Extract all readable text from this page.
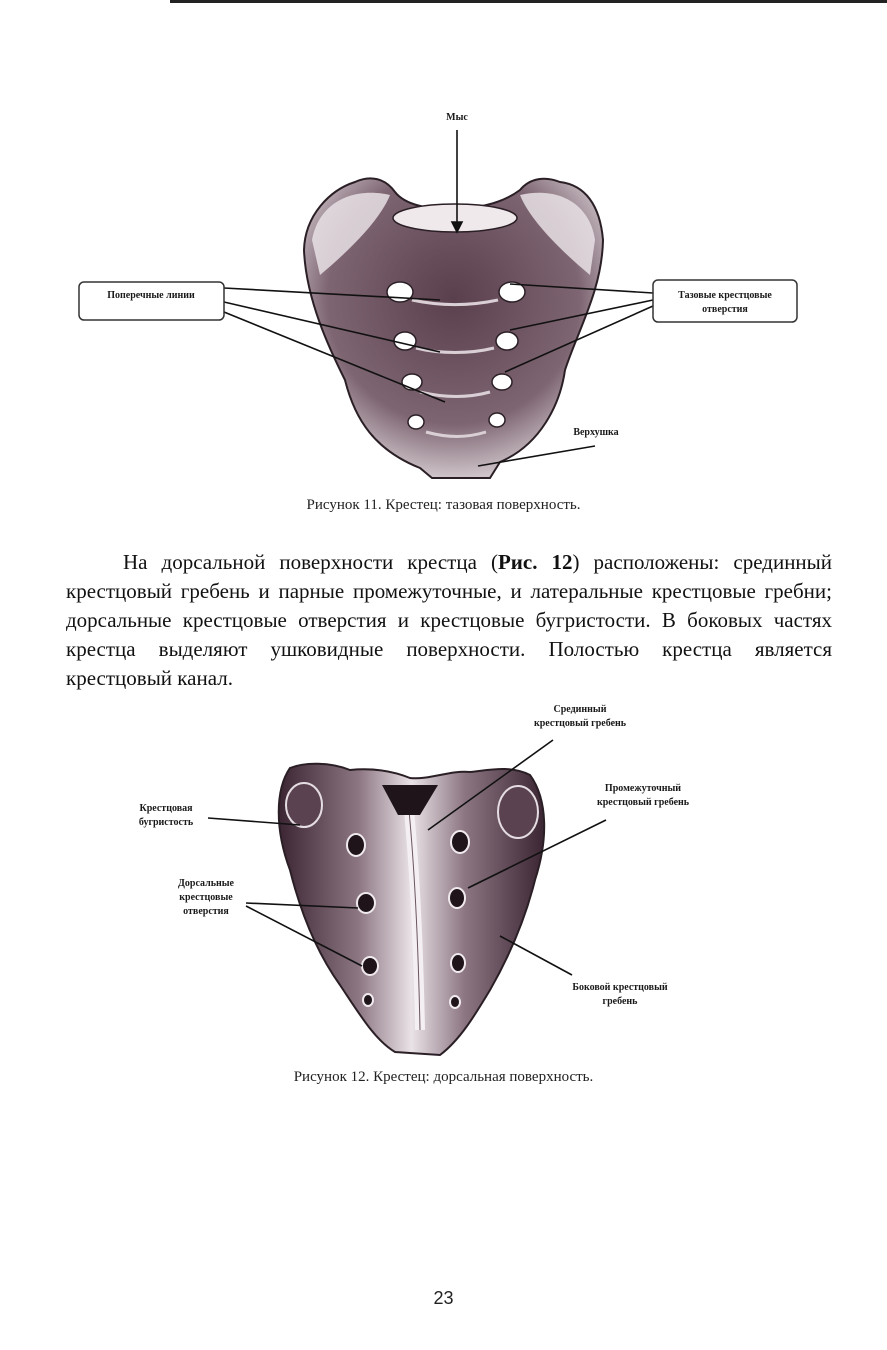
Мыс
Поперечные линии	Тазовые крестцовые
отверстия
Верхушка
Рисунок 11. Крестец: тазовая поверхность.

На дорсальной поверхности крестца (Рис. 12) расположены: срединный крестцовый гребень и парные промежуточные, и латеральные крестцовые гребни; дорсальные крестцовые отверстия и крестцовые бугристости. В боковых частях крестца выделяют ушковидные поверхности. Полостью крестца является крестцовый канал.

Срединный
крестцовый гребень
Крестцовая
бугристость
Промежуточный
крестцовый гребень
Дорсальные
крестцовые
отверстия
Боковой крестцовый
гребень
Рисунок 12. Крестец: дорсальная поверхность.
23
